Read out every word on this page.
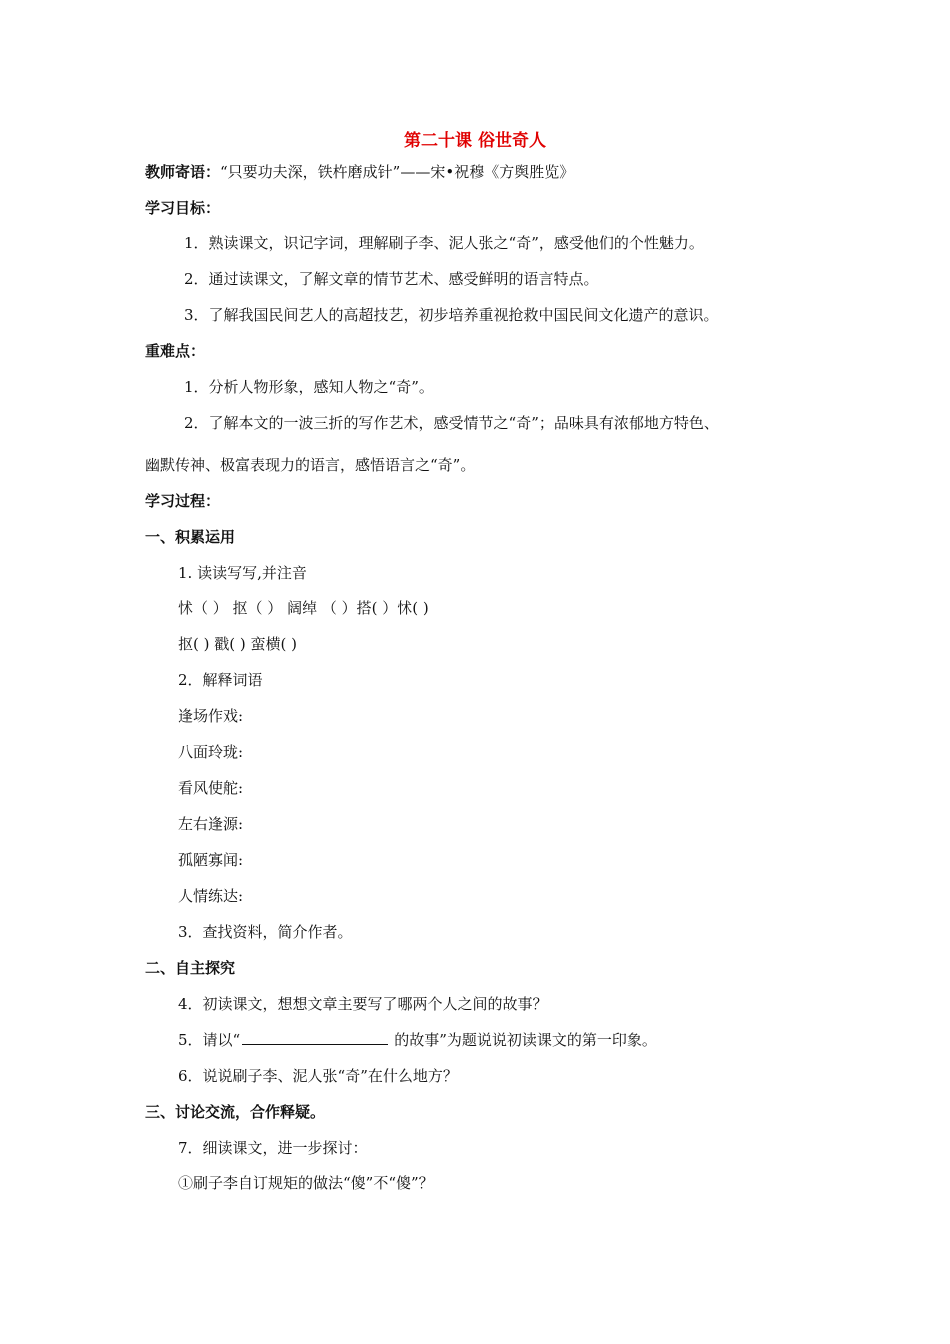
第二十课 俗世奇人
教师寄语：“只要功夫深，铁杵磨成针”——宋•祝穆《方舆胜览》
学习目标：
1．熟读课文，识记字词，理解刷子李、泥人张之“奇”，感受他们的个性魅力。
2．通过读课文，了解文章的情节艺术、感受鲜明的语言特点。
3．了解我国民间艺人的高超技艺，初步培养重视抢救中国民间文化遗产的意识。
重难点：
1．分析人物形象，感知人物之“奇”。
2．了解本文的一波三折的写作艺术，感受情节之“奇”；品味具有浓郁地方特色、
幽默传神、极富表现力的语言，感悟语言之“奇”。
学习过程：
一、积累运用
1. 读读写写,并注音
怵（ ） 抠（ ） 阔绰 （ ）搭( ）怵( )
抠( ) 戳( ) 蛮横( )
2．解释词语
逢场作戏:
八面玲珑:
看风使舵:
左右逢源:
孤陋寡闻:
人情练达:
3．查找资料，简介作者。
二、自主探究
4．初读课文，想想文章主要写了哪两个人之间的故事？
5．请以“	的故事”为题说说初读课文的第一印象。
6．说说刷子李、泥人张“奇”在什么地方？
三、讨论交流，合作释疑。
7．细读课文，进一步探讨：
①刷子李自订规矩的做法“傻”不“傻”？
